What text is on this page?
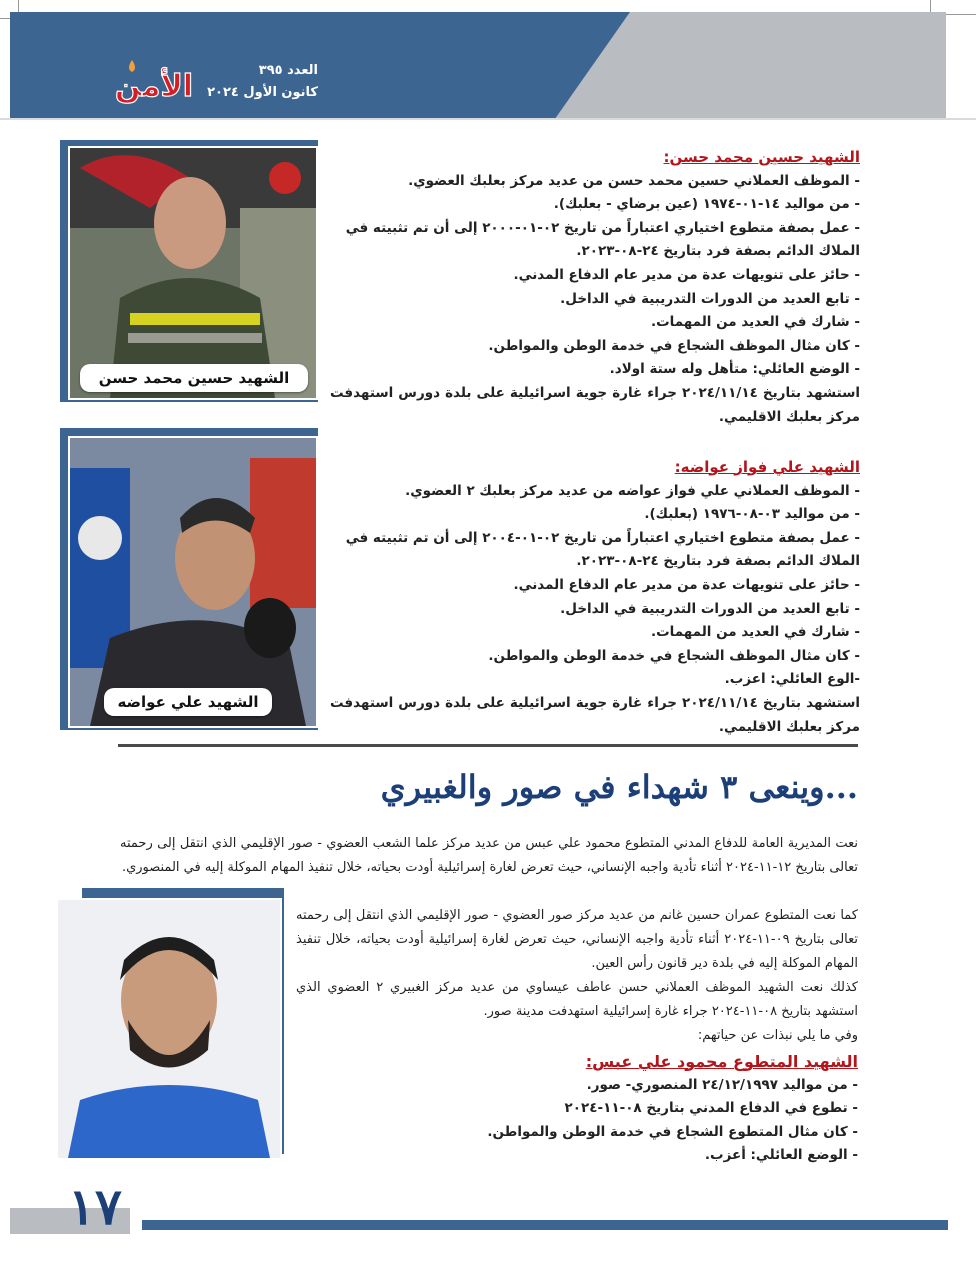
الأمن	العدد ٣٩٥
كانون الأول ٢٠٢٤
الشهيد حسين محمد حسن

الشهيد حسين محمد حسن:

- الموظف العملاني حسين محمد حسن من عديد مركز بعلبك العضوي.

- من مواليد ١٤-٠١-١٩٧٤ (عين برضاي - بعلبك).

- عمل بصفة متطوع اختياري اعتباراً من تاريخ ٠٢-٠١-٢٠٠٠ إلى أن تم تثبيته في الملاك الدائم بصفة فرد بتاريخ ٢٤-٠٨-٢٠٢٣.

- حائز على تنويهات عدة من مدير عام الدفاع المدني.

- تابع العديد من الدورات التدريبية في الداخل.

- شارك في العديد من المهمات.

- كان مثال الموظف الشجاع في خدمة الوطن والمواطن.

- الوضع العائلي: متأهل وله ستة اولاد.

استشهد بتاريخ ٢٠٢٤/١١/١٤ جراء غارة جوية اسرائيلية على بلدة دورس استهدفت مركز بعلبك الاقليمي.

الشهيد علي عواضه

الشهيد علي فواز عواضه:

- الموظف العملاني علي فواز عواضه من عديد مركز بعلبك ٢ العضوي.

- من مواليد ٠٣-٠٨-١٩٧٦ (بعلبك).

- عمل بصفة متطوع اختياري اعتباراً من تاريخ ٠٢-٠١-٢٠٠٤ إلى أن تم تثبيته في الملاك الدائم بصفة فرد بتاريخ ٢٤-٠٨-٢٠٢٣.

- حائز على تنويهات عدة من مدير عام الدفاع المدني.

- تابع العديد من الدورات التدريبية في الداخل.

- شارك في العديد من المهمات.

- كان مثال الموظف الشجاع في خدمة الوطن والمواطن.

-الوع العائلي: اعزب.

استشهد بتاريخ ٢٠٢٤/١١/١٤ جراء غارة جوية اسرائيلية على بلدة دورس استهدفت مركز بعلبك الاقليمي.

...وينعى ٣ شهداء في صور والغبيري

نعت المديرية العامة للدفاع المدني المتطوع محمود علي عبس من عديد مركز علما الشعب العضوي - صور الإقليمي الذي انتقل إلى رحمته تعالى بتاريخ ١٢-١١-٢٠٢٤ أثناء تأدية واجبه الإنساني، حيث تعرض لغارة إسرائيلية أودت بحياته، خلال تنفيذ المهام الموكلة إليه في المنصوري.

كما نعت المتطوع عمران حسين غانم من عديد مركز صور العضوي - صور الإقليمي الذي انتقل إلى رحمته تعالى بتاريخ ٠٩-١١-٢٠٢٤ أثناء تأدية واجبه الإنساني، حيث تعرض لغارة إسرائيلية أودت بحياته، خلال تنفيذ المهام الموكلة إليه في بلدة دير قانون رأس العين.

كذلك نعت الشهيد الموظف العملاني حسن عاطف عيساوي من عديد مركز الغبيري ٢ العضوي الذي استشهد بتاريخ ٠٨-١١-٢٠٢٤ جراء غارة إسرائيلية استهدفت مدينة صور.

وفي ما يلي نبذات عن حياتهم:

الشهيد المتطوع محمود علي عبس:

- من مواليد ٢٤/١٢/١٩٩٧ المنصوري- صور.

- تطوع في الدفاع المدني بتاريخ ٠٨-١١-٢٠٢٤

- كان مثال المتطوع الشجاع في خدمة الوطن والمواطن.

- الوضع العائلي: أعزب.

١٧
